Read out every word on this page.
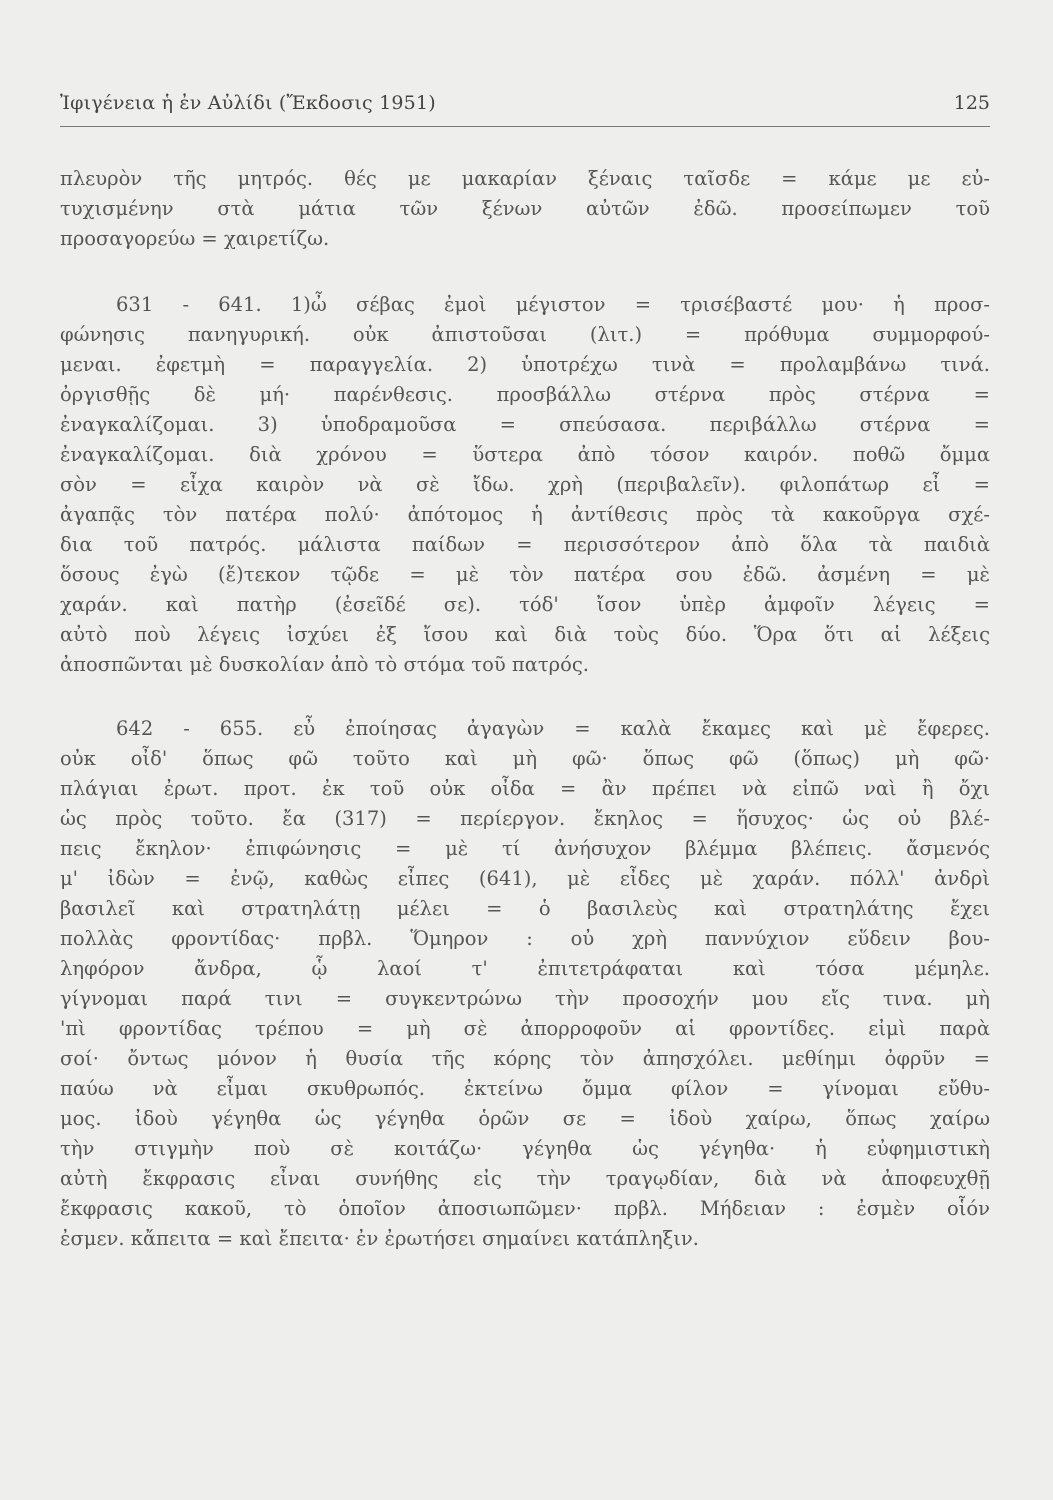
Ἰφιγένεια ἡ ἐν Αὐλίδι (Ἔκδοσις 1951)	125
πλευρὸν τῆς μητρός. θές με μακαρίαν ξέναις ταῖσδε = κάμε με εὐ-
τυχισμένην στὰ μάτια τῶν ξένων αὐτῶν ἐδῶ. προσείπωμεν τοῦ
προσαγορεύω = χαιρετίζω.
631 - 641. 1)ὦ σέβας ἐμοὶ μέγιστον = τρισέβαστέ μου· ἡ προσ-
φώνησις πανηγυρική. οὐκ ἀπιστοῦσαι (λιτ.) = πρόθυμα συμμορφού-
μεναι. ἐφετμὴ = παραγγελία. 2) ὑποτρέχω τινὰ = προλαμβάνω τινά.
ὀργισθῇς δὲ μή· παρένθεσις. προσβάλλω στέρνα πρὸς στέρνα =
ἐναγκαλίζομαι. 3) ὑποδραμοῦσα = σπεύσασα. περιβάλλω στέρνα =
ἐναγκαλίζομαι. διὰ χρόνου = ὕστερα ἀπὸ τόσον καιρόν. ποθῶ ὄμμα
σὸν = εἶχα καιρὸν νὰ σὲ ἴδω. χρὴ (περιβαλεῖν). φιλοπάτωρ εἶ =
ἀγαπᾷς τὸν πατέρα πολύ· ἀπότομος ἡ ἀντίθεσις πρὸς τὰ κακοῦργα σχέ-
δια τοῦ πατρός. μάλιστα παίδων = περισσότερον ἀπὸ ὅλα τὰ παιδιὰ
ὅσους ἐγὼ (ἔ)τεκον τῷδε = μὲ τὸν πατέρα σου ἐδῶ. ἀσμένη = μὲ
χαράν. καὶ πατὴρ (ἐσεῖδέ σε). τόδ' ἴσον ὑπὲρ ἀμφοῖν λέγεις =
αὐτὸ ποὺ λέγεις ἰσχύει ἐξ ἴσου καὶ διὰ τοὺς δύο. Ὅρα ὅτι αἱ λέξεις
ἀποσπῶνται μὲ δυσκολίαν ἀπὸ τὸ στόμα τοῦ πατρός.
642 - 655. εὖ ἐποίησας ἀγαγὼν = καλὰ ἔκαμες καὶ μὲ ἔφερες.
οὐκ οἶδ' ὅπως φῶ τοῦτο καὶ μὴ φῶ· ὅπως φῶ (ὅπως) μὴ φῶ·
πλάγιαι ἐρωτ. προτ. ἐκ τοῦ οὐκ οἶδα = ἂν πρέπει νὰ εἰπῶ ναὶ ἢ ὄχι
ὡς πρὸς τοῦτο. ἔα (317) = περίεργον. ἔκηλος = ἥσυχος· ὡς οὐ βλέ-
πεις ἔκηλον· ἐπιφώνησις = μὲ τί ἀνήσυχον βλέμμα βλέπεις. ἄσμενός
μ' ἰδὼν = ἐνῷ, καθὼς εἶπες (641), μὲ εἶδες μὲ χαράν. πόλλ' ἀνδρὶ
βασιλεῖ καὶ στρατηλάτῃ μέλει = ὁ βασιλεὺς καὶ στρατηλάτης ἔχει
πολλὰς φροντίδας· πρβλ. Ὅμηρον : οὐ χρὴ παννύχιον εὕδειν βου-
ληφόρον ἄνδρα, ᾧ λαοί τ' ἐπιτετράφαται καὶ τόσα μέμηλε.
γίγνομαι παρά τινι = συγκεντρώνω τὴν προσοχήν μου εἴς τινα. μὴ
'πὶ φροντίδας τρέπου = μὴ σὲ ἀπορροφοῦν αἱ φροντίδες. εἰμὶ παρὰ
σοί· ὄντως μόνον ἡ θυσία τῆς κόρης τὸν ἀπησχόλει. μεθίημι ὀφρῦν =
παύω νὰ εἶμαι σκυθρωπός. ἐκτείνω ὄμμα φίλον = γίνομαι εὔθυ-
μος. ἰδοὺ γέγηθα ὡς γέγηθα ὁρῶν σε = ἰδοὺ χαίρω, ὅπως χαίρω
τὴν στιγμὴν ποὺ σὲ κοιτάζω· γέγηθα ὡς γέγηθα· ἡ εὐφημιστικὴ
αὐτὴ ἔκφρασις εἶναι συνήθης εἰς τὴν τραγῳδίαν, διὰ νὰ ἀποφευχθῇ
ἔκφρασις κακοῦ, τὸ ὁποῖον ἀποσιωπῶμεν· πρβλ. Μήδειαν : ἐσμὲν οἷόν
ἐσμεν. κἄπειτα = καὶ ἔπειτα· ἐν ἐρωτήσει σημαίνει κατάπληξιν.
